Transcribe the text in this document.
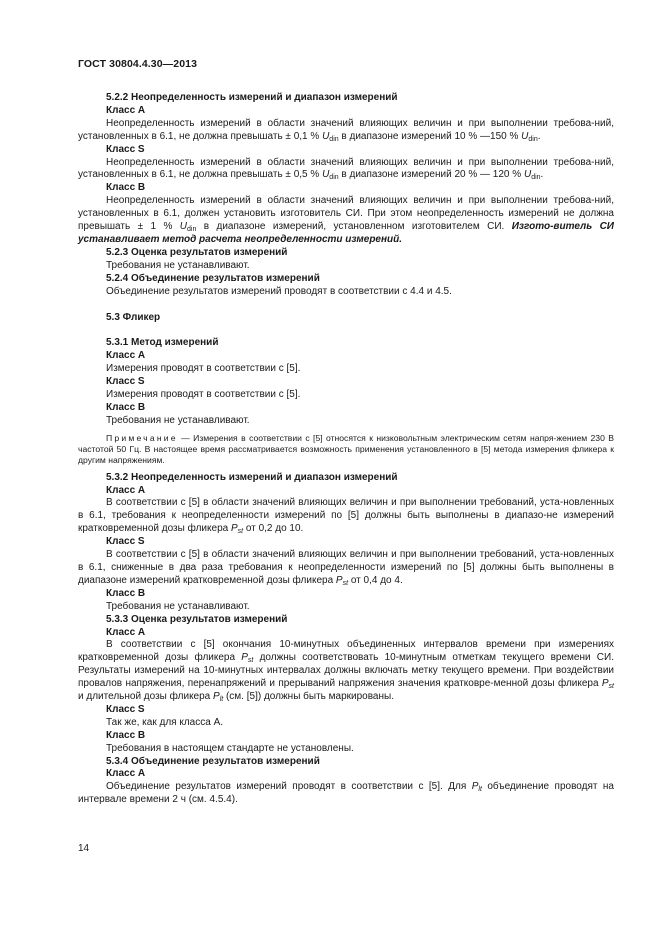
ГОСТ 30804.4.30—2013

5.2.2 Неопределенность измерений и диапазон измерений

Класс А

Неопределенность измерений в области значений влияющих величин и при выполнении требова-ний, установленных в 6.1, не должна превышать ± 0,1 % $U_{din}$ в диапазоне измерений 10 % —150 % $U_{din}$.

Класс S

Неопределенность измерений в области значений влияющих величин и при выполнении требова-ний, установленных в 6.1, не должна превышать ± 0,5 % $U_{din}$ в диапазоне измерений 20 % — 120 % $U_{din}$.

Класс В

Неопределенность измерений в области значений влияющих величин и при выполнении требова-ний, установленных в 6.1, должен установить изготовитель СИ. При этом неопределенность измерений не должна превышать ± 1 % $U_{din}$ в диапазоне измерений, установленном изготовителем СИ. Изгото-витель СИ устанавливает метод расчета неопределенности измерений.

5.2.3 Оценка результатов измерений

Требования не устанавливают.

5.2.4 Объединение результатов измерений

Объединение результатов измерений проводят в соответствии с 4.4 и 4.5.

5.3 Фликер

5.3.1 Метод измерений

Класс А

Измерения проводят в соответствии с [5].

Класс S

Измерения проводят в соответствии с [5].

Класс В

Требования не устанавливают.

Примечание — Измерения в соответствии с [5] относятся к низковольтным электрическим сетям напря-жением 230 В частотой 50 Гц. В настоящее время рассматривается возможность применения установленного в [5] метода измерения фликера к другим напряжениям.

5.3.2 Неопределенность измерений и диапазон измерений

Класс А

В соответствии с [5] в области значений влияющих величин и при выполнении требований, уста-новленных в 6.1, требования к неопределенности измерений по [5] должны быть выполнены в диапазо-не измерений кратковременной дозы фликера $P_{st}$ от 0,2 до 10.

Класс S

В соответствии с [5] в области значений влияющих величин и при выполнении требований, уста-новленных в 6.1, сниженные в два раза требования к неопределенности измерений по [5] должны быть выполнены в диапазоне измерений кратковременной дозы фликера $P_{st}$ от 0,4 до 4.

Класс В

Требования не устанавливают.

5.3.3 Оценка результатов измерений

Класс А

В соответствии с [5] окончания 10-минутных объединенных интервалов времени при измерениях кратковременной дозы фликера $P_{st}$ должны соответствовать 10-минутным отметкам текущего времени СИ. Результаты измерений на 10-минутных интервалах должны включать метку текущего времени. При воздействии провалов напряжения, перенапряжений и прерываний напряжения значения кратковре-менной дозы фликера $P_{st}$ и длительной дозы фликера $P_{lt}$ (см. [5]) должны быть маркированы.

Класс S

Так же, как для класса А.

Класс В

Требования в настоящем стандарте не установлены.

5.3.4 Объединение результатов измерений

Класс А

Объединение результатов измерений проводят в соответствии с [5]. Для $P_{lt}$ объединение проводят на интервале времени 2 ч (см. 4.5.4).

14
